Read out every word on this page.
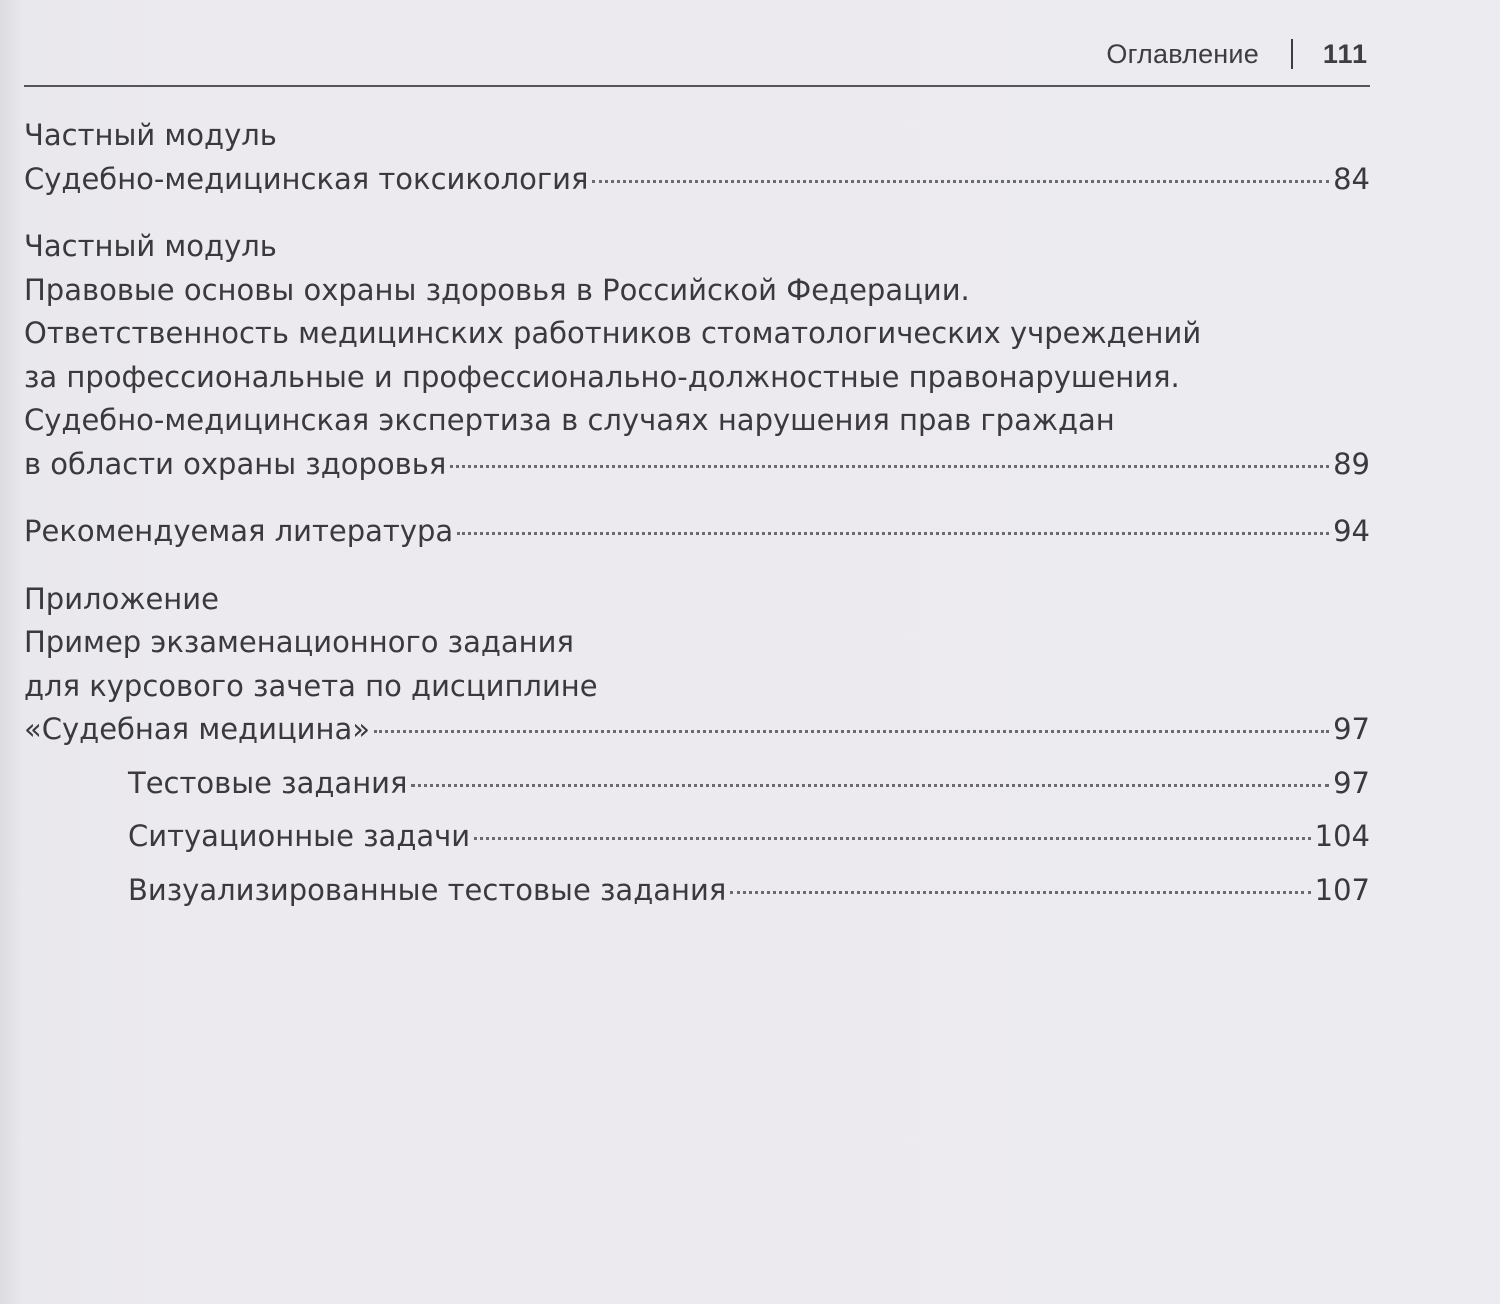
Оглавление 111
Частный модуль
Судебно-медицинская токсикология	84
Частный модуль
Правовые основы охраны здоровья в Российской Федерации.
Ответственность медицинских работников стоматологических учреждений
за профессиональные и профессионально-должностные правонарушения.
Судебно-медицинская экспертиза в случаях нарушения прав граждан
в области охраны здоровья	89
Рекомендуемая литература	94
Приложение
Пример экзаменационного задания
для курсового зачета по дисциплине
«Судебная медицина»	97
Тестовые задания	97
Ситуационные задачи	104
Визуализированные тестовые задания	107
